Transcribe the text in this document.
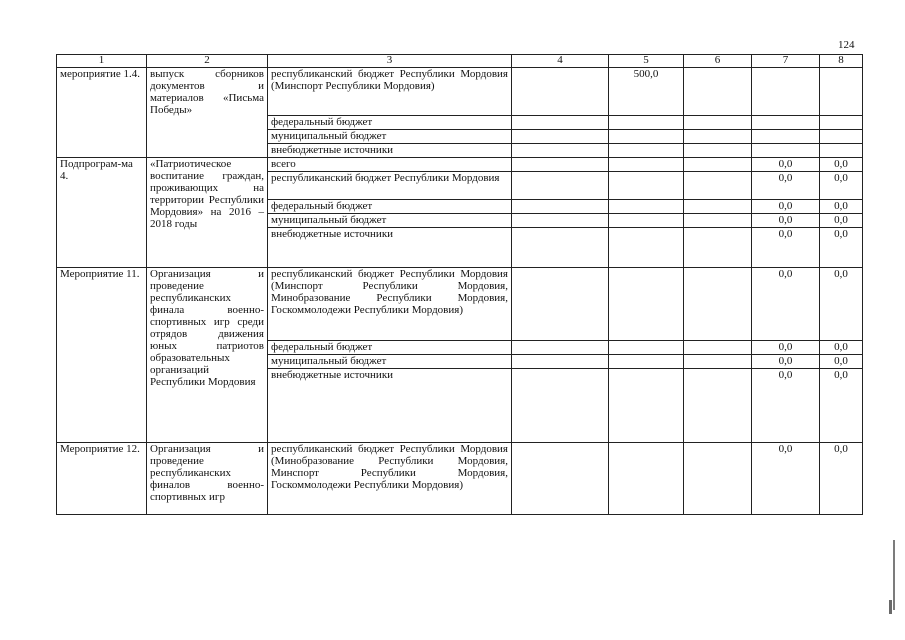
124
1	2	3	4	5	6	7	8
мероприятие 1.4.	выпуск сборников документов и материалов «Письма Победы»	республиканский бюджет Республики Мордовия (Минспорт Республики Мордовия)		500,0			
		федеральный бюджет					
		муниципальный бюджет					
		внебюджетные источники					
Подпрограм-ма 4.	«Патриотическое воспитание граждан, проживающих на территории Республики Мордовия» на 2016 – 2018 годы	всего				0,0	0,0
		республиканский бюджет Республики Мордовия				0,0	0,0
		федеральный бюджет				0,0	0,0
		муниципальный бюджет				0,0	0,0
		внебюджетные источники				0,0	0,0
Мероприятие 11.	Организация и проведение республиканских финала военно-спортивных игр среди отрядов движения юных патриотов образовательных организаций Республики Мордовия	республиканский бюджет Республики Мордовия (Минспорт Республики Мордовия, Минобразование Республики Мордовия, Госкоммолодежи Республики Мордовия)				0,0	0,0
		федеральный бюджет				0,0	0,0
		муниципальный бюджет				0,0	0,0
		внебюджетные источники				0,0	0,0
Мероприятие 12.	Организация и проведение республиканских финалов военно-спортивных игр	республиканский бюджет Республики Мордовия (Минобразование Республики Мордовия, Минспорт Республики Мордовия, Госкоммолодежи Республики Мордовия)				0,0	0,0
